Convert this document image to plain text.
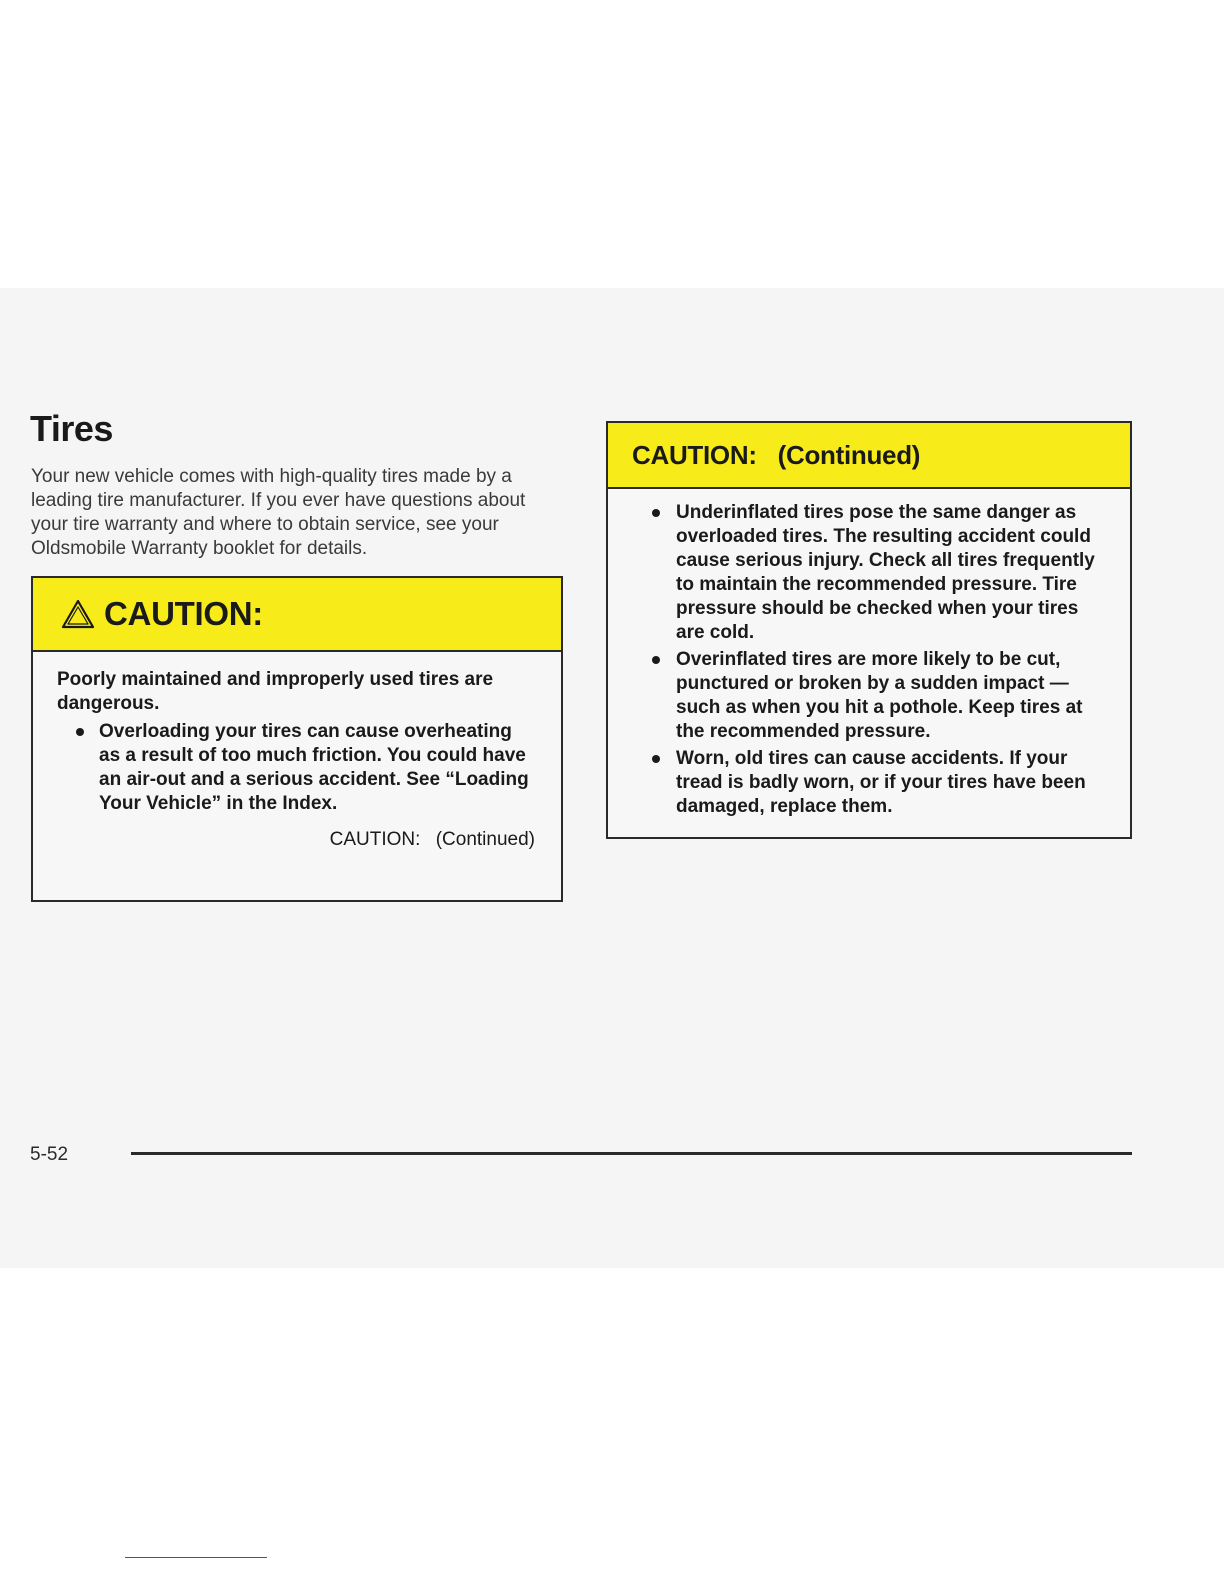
Tires

Your new vehicle comes with high-quality tires made by a leading tire manufacturer. If you ever have questions about your tire warranty and where to obtain service, see your Oldsmobile Warranty booklet for details.

CAUTION:

Poorly maintained and improperly used tires are dangerous.

Overloading your tires can cause overheating as a result of too much friction. You could have an air-out and a serious accident. See “Loading Your Vehicle” in the Index.
CAUTION: (Continued)
CAUTION: (Continued)
Underinflated tires pose the same danger as overloaded tires. The resulting accident could cause serious injury. Check all tires frequently to maintain the recommended pressure. Tire pressure should be checked when your tires are cold.
Overinflated tires are more likely to be cut, punctured or broken by a sudden impact — such as when you hit a pothole. Keep tires at the recommended pressure.
Worn, old tires can cause accidents. If your tread is badly worn, or if your tires have been damaged, replace them.
5-52
